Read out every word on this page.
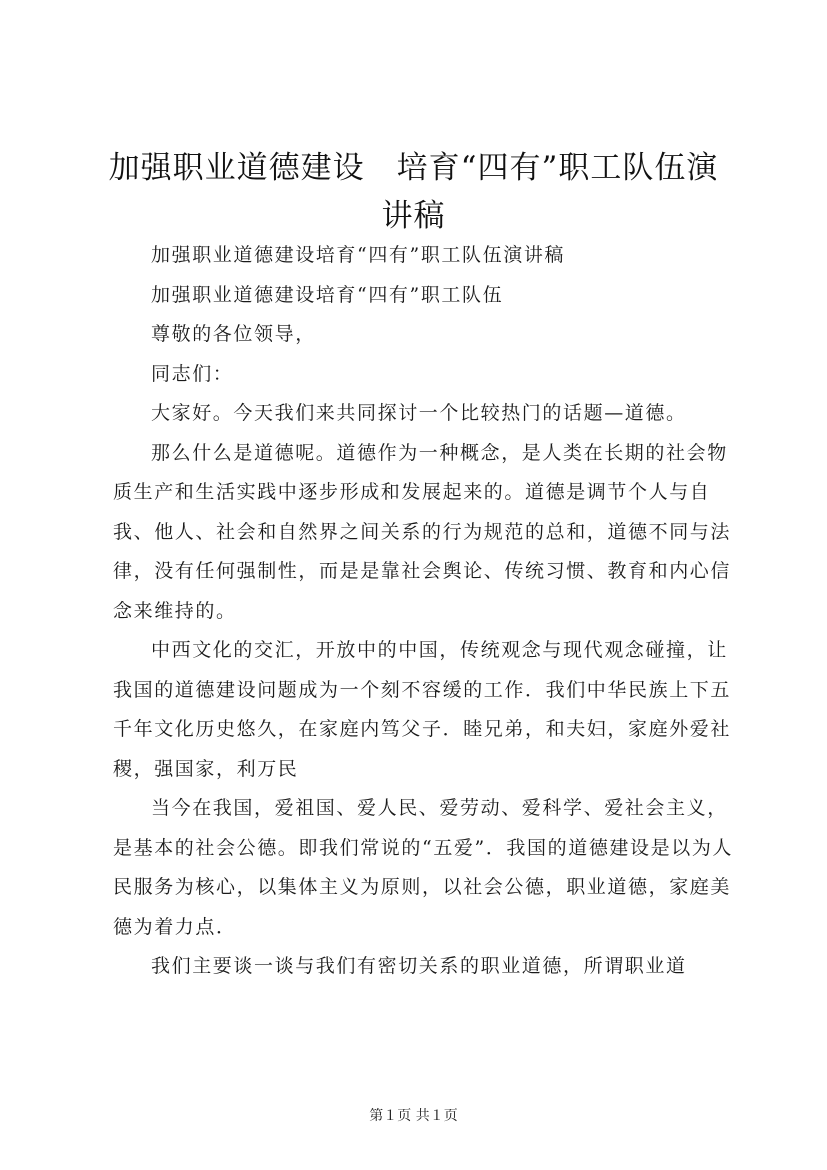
加强职业道德建设　培育“四有”职工队伍演讲稿

加强职业道德建设培育“四有”职工队伍演讲稿

加强职业道德建设培育“四有”职工队伍

尊敬的各位领导，

同志们：

大家好。今天我们来共同探讨一个比较热门的话题—道德。

那么什么是道德呢。道德作为一种概念，是人类在长期的社会物质生产和生活实践中逐步形成和发展起来的。道德是调节个人与自我、他人、社会和自然界之间关系的行为规范的总和，道德不同与法律，没有任何强制性，而是是靠社会舆论、传统习惯、教育和内心信念来维持的。

中西文化的交汇，开放中的中国，传统观念与现代观念碰撞，让我国的道德建设问题成为一个刻不容缓的工作．我们中华民族上下五千年文化历史悠久，在家庭内笃父子．睦兄弟，和夫妇，家庭外爱社稷，强国家，利万民

当今在我国，爱祖国、爱人民、爱劳动、爱科学、爱社会主义，是基本的社会公德。即我们常说的“五爱”．我国的道德建设是以为人民服务为核心，以集体主义为原则，以社会公德，职业道德，家庭美德为着力点．

我们主要谈一谈与我们有密切关系的职业道德，所谓职业道

第１页 共１页
